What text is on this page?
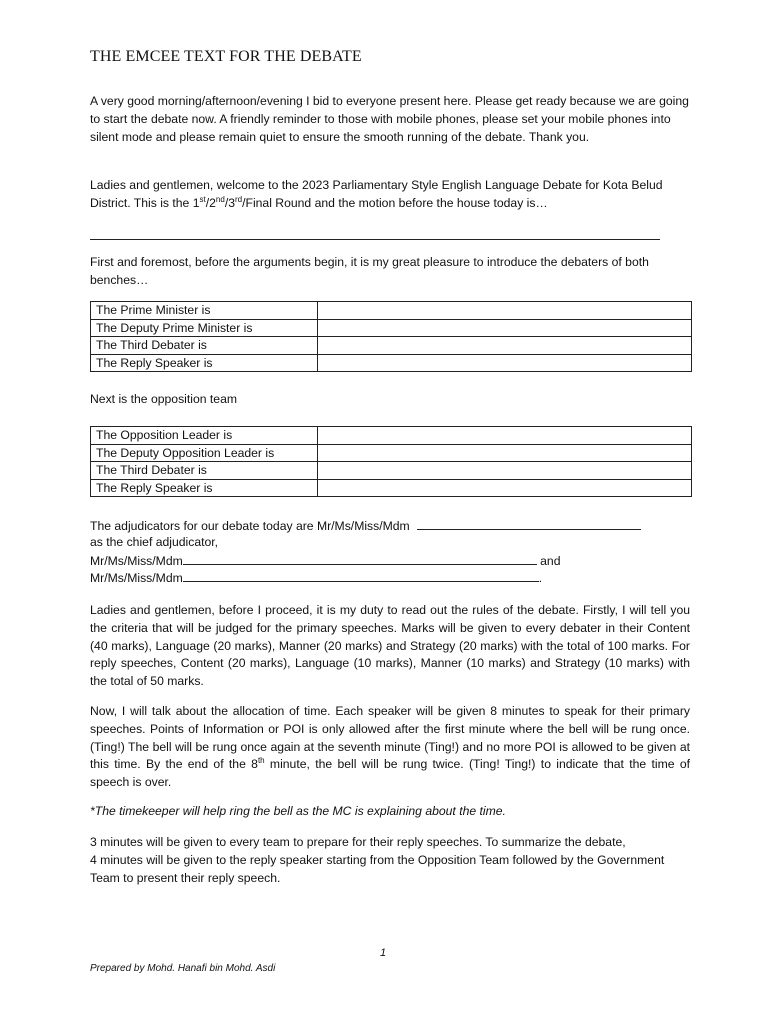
THE EMCEE TEXT FOR THE DEBATE

A very good morning/afternoon/evening I bid to everyone present here. Please get ready because we are going to start the debate now. A friendly reminder to those with mobile phones, please set your mobile phones into silent mode and please remain quiet to ensure the smooth running of the debate. Thank you.

Ladies and gentlemen, welcome to the 2023 Parliamentary Style English Language Debate for Kota Belud District. This is the 1st/2nd/3rd/Final Round and the motion before the house today is…

First and foremost, before the arguments begin, it is my great pleasure to introduce the debaters of both benches…

The Prime Minister is	
The Deputy Prime Minister is	
The Third Debater is	
The Reply Speaker is	

Next is the opposition team

The Opposition Leader is	
The Deputy Opposition Leader is	
The Third Debater is	
The Reply Speaker is	
The adjudicators for our debate today are Mr/Ms/Miss/Mdm
as the chief adjudicator,
Mr/Ms/Miss/Mdm	and
Mr/Ms/Miss/Mdm	.

Ladies and gentlemen, before I proceed, it is my duty to read out the rules of the debate. Firstly, I will tell you the criteria that will be judged for the primary speeches. Marks will be given to every debater in their Content (40 marks), Language (20 marks), Manner (20 marks) and Strategy (20 marks) with the total of 100 marks. For reply speeches, Content (20 marks), Language (10 marks), Manner (10 marks) and Strategy (10 marks) with the total of 50 marks.

Now, I will talk about the allocation of time. Each speaker will be given 8 minutes to speak for their primary speeches. Points of Information or POI is only allowed after the first minute where the bell will be rung once. (Ting!) The bell will be rung once again at the seventh minute (Ting!) and no more POI is allowed to be given at this time. By the end of the 8th minute, the bell will be rung twice. (Ting! Ting!) to indicate that the time of speech is over.

*The timekeeper will help ring the bell as the MC is explaining about the time.

3 minutes will be given to every team to prepare for their reply speeches. To summarize the debate,
4 minutes will be given to the reply speaker starting from the Opposition Team followed by the Government Team to present their reply speech.

1
Prepared by Mohd. Hanafi bin Mohd. Asdi
